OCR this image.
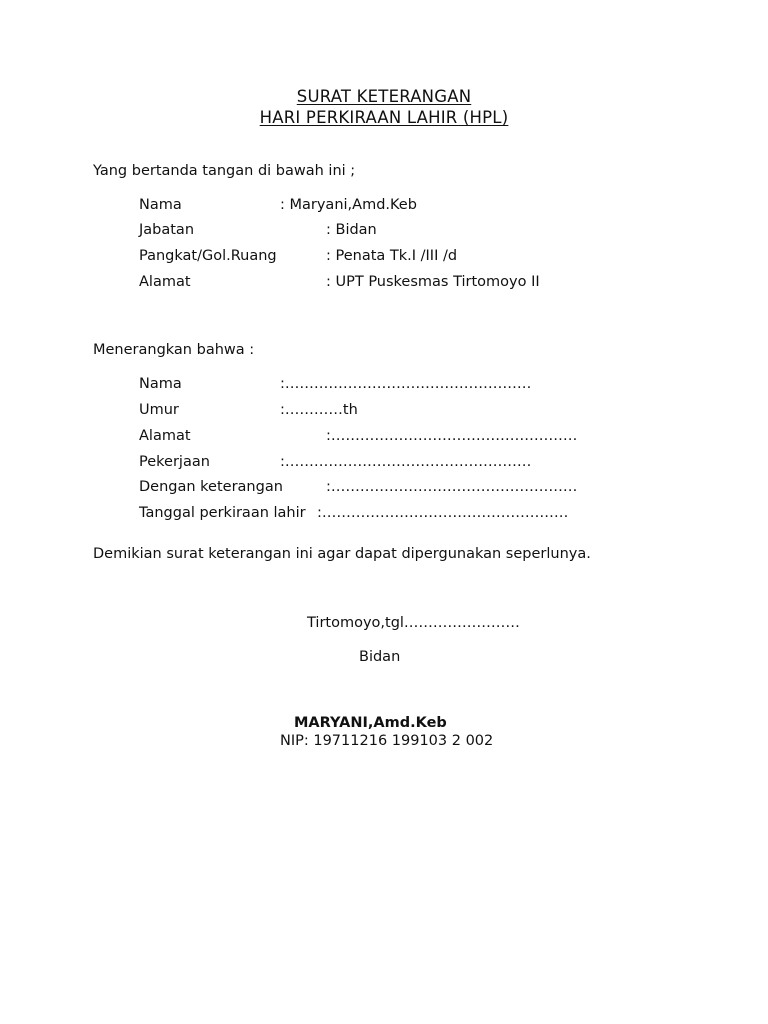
SURAT KETERANGAN
HARI PERKIRAAN LAHIR (HPL)
Yang bertanda tangan di bawah ini ;
Nama	: Maryani,Amd.Keb
Jabatan	: Bidan
Pangkat/Gol.Ruang	: Penata Tk.I /III /d
Alamat	: UPT Puskesmas Tirtomoyo II
Menerangkan bahwa :
Nama	:……………………………………………
Umur	:…………th
Alamat	:……………………………………………
Pekerjaan	:……………………………………………
Dengan keterangan	:……………………………………………
Tanggal perkiraan lahir :……………………………………………
Demikian surat keterangan ini agar dapat dipergunakan seperlunya.
Tirtomoyo,tgl……………………
Bidan
MARYANI,Amd.Keb
NIP: 19711216 199103 2 002
